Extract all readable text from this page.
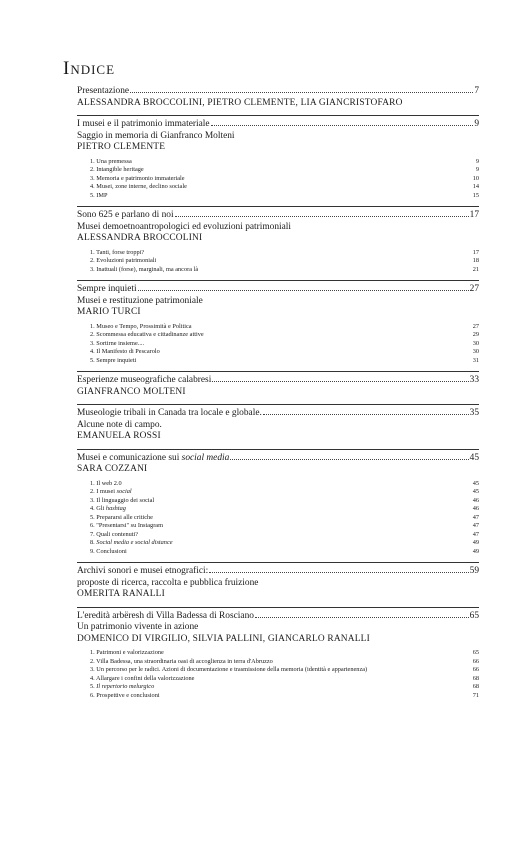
Indice
Presentazione	7
ALESSANDRA BROCCOLINI, PIETRO CLEMENTE, LIA GIANCRISTOFARO
I musei e il patrimonio immateriale	9
Saggio in memoria di Gianfranco Molteni
PIETRO CLEMENTE
1. Una premessa	9
2. Intangible heritage	9
3. Memoria e patrimonio immateriale	10
4. Musei, zone interne, declino sociale	14
5. IMP	15
Sono 625 e parlano di noi	17
Musei demoetnoantropologici ed evoluzioni patrimoniali
ALESSANDRA BROCCOLINI
1. Tanti, forse troppi?	17
2. Evoluzioni patrimoniali	18
3. Inattuali (forse), marginali, ma ancora là	21
Sempre inquieti	27
Musei e restituzione patrimoniale
MARIO TURCI
1. Museo e Tempo, Prossimità e Politica	27
2. Scommessa educativa e cittadinanze attive	29
3. Sortirne insieme....	30
4. Il Manifesto di Pescarolo	30
5. Sempre inquieti	31
Esperienze museografiche calabresi	33
GIANFRANCO MOLTENI
Museologie tribali in Canada tra locale e globale.	35
Alcune note di campo.
EMANUELA ROSSI
Musei e comunicazione sui social media	45
SARA COZZANI
1. Il web 2.0	45
2. I musei social	45
3. Il linguaggio dei social	46
4. Gli hashtag	46
5. Prepararsi alle critiche	47
6. "Presentarsi" su Instagram	47
7. Quali contenuti?	47
8. Social media e social distance	49
9. Conclusioni	49
Archivi sonori e musei etnografici:	59
proposte di ricerca, raccolta e pubblica fruizione
OMERITA RANALLI
L'eredità arbëresh di Villa Badessa di Rosciano	65
Un patrimonio vivente in azione
DOMENICO DI VIRGILIO, SILVIA PALLINI, GIANCARLO RANALLI
1. Patrimoni e valorizzazione	65
2. Villa Badessa, una straordinaria oasi di accoglienza in terra d'Abruzzo	66
3. Un percorso per le radici. Azioni di documentazione e trasmissione della memoria (identità e appartenenza)	66
4. Allargare i confini della valorizzazione	68
5. Il repertorio melurgico	68
6. Prospettive e conclusioni	71
